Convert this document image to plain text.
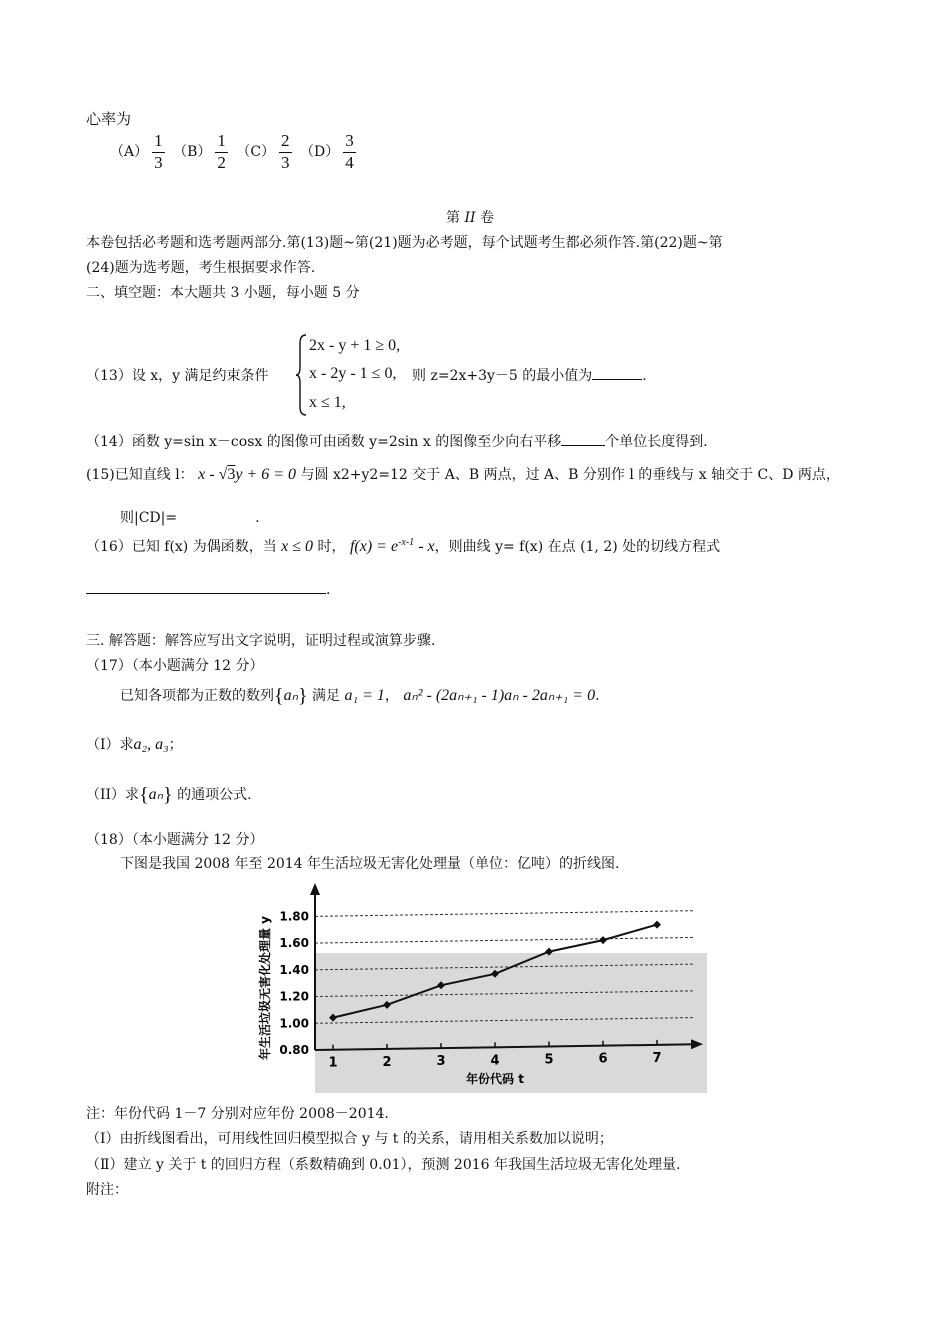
心率为
$(A) \frac{1}{3} (B) \frac{1}{2} (C) \frac{2}{3} (D) \frac{3}{4}$
第 II 卷
本卷包括必考题和选考题两部分.第(13)题~第(21)题为必考题，每个试题考生都必须作答.第(22)题~第
(24)题为选考题，考生根据要求作答.
二、填空题：本大题共 3 小题，每小题 5 分
（13）设 x，y 满足约束条件
2x - y + 1 ≥ 0,
x - 2y - 1 ≤ 0,
x ≤ 1,
则 z=2x+3y－5 的最小值为	.
（14）函数 y=sin x－cosx 的图像可由函数 y=2sin x 的图像至少向右平移	个单位长度得到.
(15)已知直线 l： x - √3y + 6 = 0 与圆 x2+y2=12 交于 A、B 两点，过 A、B 分别作 l 的垂线与 x 轴交于 C、D 两点，
则|CD|=	.
（16）已知 f(x) 为偶函数，当 x ≤ 0 时， $f(x) = e^{-x-1} - x$，则曲线 y= f(x) 在点 (1, 2) 处的切线方程式
.
三. 解答题：解答应写出文字说明，证明过程或演算步骤.
（17）（本小题满分 12 分）
已知各项都为正数的数列{aₙ} 满足 a₁ = 1， aₙ² - (2aₙ₊₁ - 1)aₙ - 2aₙ₊₁ = 0.
（I）求a₂, a₃；
（II）求{aₙ} 的通项公式.
（18）（本小题满分 12 分）
下图是我国 2008 年至 2014 年生活垃圾无害化处理量（单位：亿吨）的折线图.
0.80
1.00
1.20
1.40
1.60
1.80
1	2	3	4	5	6	7
年生活垃圾无害化处理量 y
年份代码 t
注：年份代码 1－7 分别对应年份 2008－2014.
（Ⅰ）由折线图看出，可用线性回归模型拟合 y 与 t 的关系，请用相关系数加以说明；
（Ⅱ）建立 y 关于 t 的回归方程（系数精确到 0.01），预测 2016 年我国生活垃圾无害化处理量.
附注：
